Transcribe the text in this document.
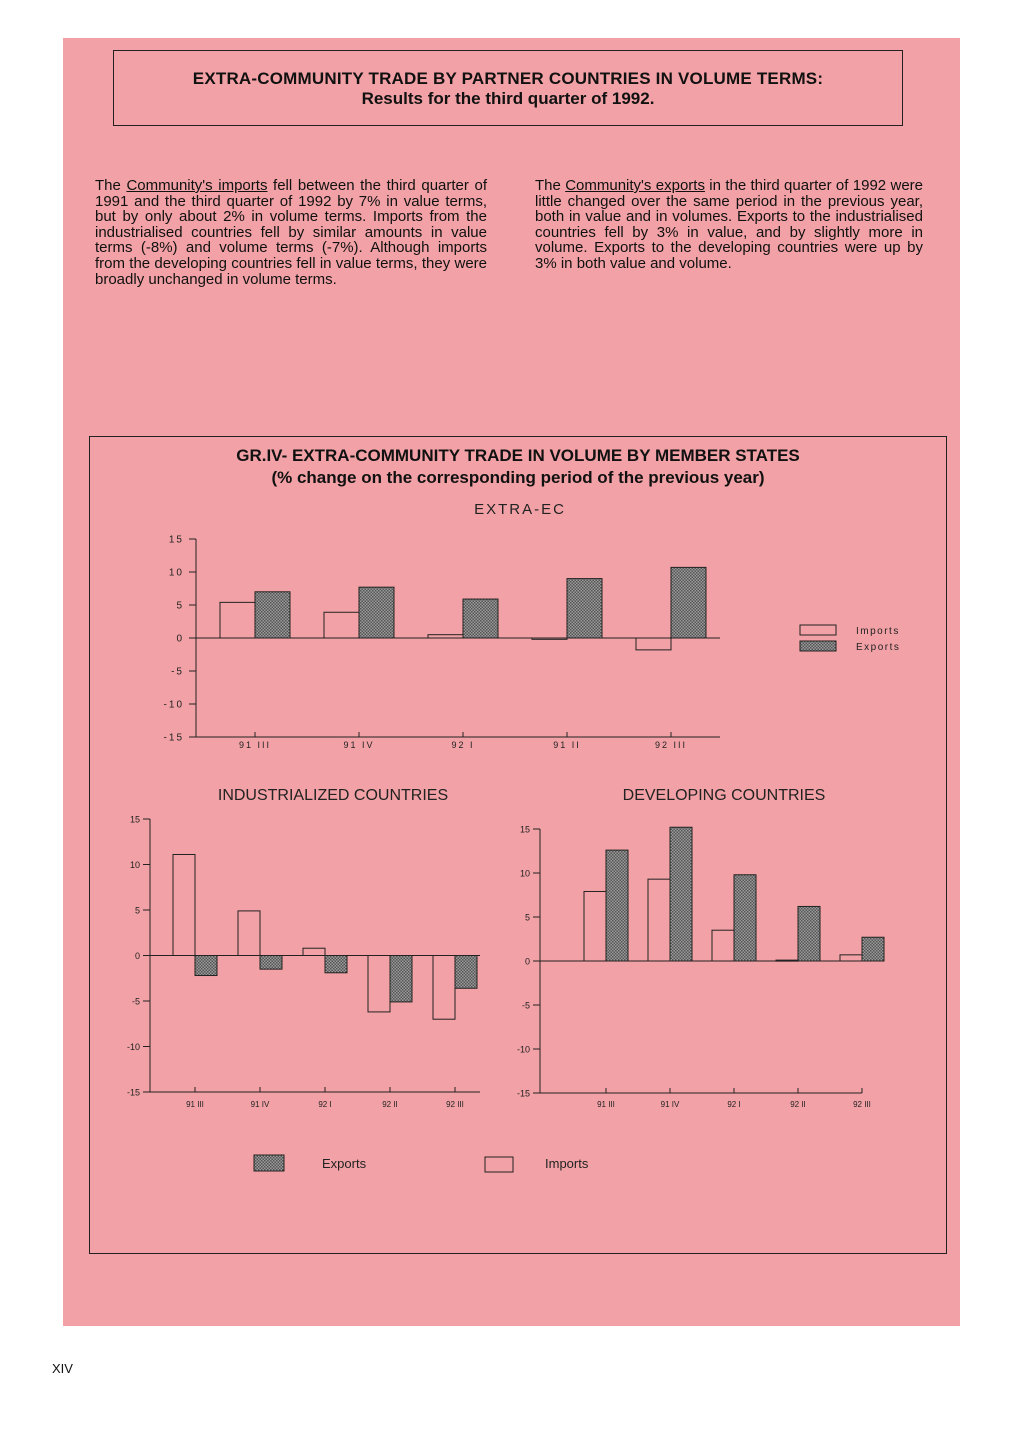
EXTRA-COMMUNITY TRADE BY PARTNER COUNTRIES IN VOLUME TERMS:
Results for the third quarter of 1992.
The Community's imports fell between the third quarter of 1991 and the third quarter of 1992 by 7% in value terms, but by only about 2% in volume terms. Imports from the industrialised countries fell by similar amounts in value terms (-8%) and volume terms (-7%). Although imports from the developing countries fell in value terms, they were broadly unchanged in volume terms.
The Community's exports in the third quarter of 1992 were little changed over the same period in the previous year, both in value and in volumes. Exports to the industrialised countries fell by 3% in value, and by slightly more in volume. Exports to the developing countries were up by 3% in both value and volume.
GR.IV- EXTRA-COMMUNITY TRADE IN VOLUME BY MEMBER STATES
(% change on the corresponding period of the previous year)
EXTRA-EC
15
10
5
0
-5
-10
-15
91 III	91 IV	92 I	91 II	92 III
INDUSTRIALIZED COUNTRIES
15
10
5
0
-5
-10
-15
91 III	91 IV	92 I	92 II	92 III
DEVELOPING COUNTRIES
15
10
5
0
-5
-10
-15
91 III	91 IV	92 I	92 II	92 III
Imports
Exports
Exports	Imports
XIV
